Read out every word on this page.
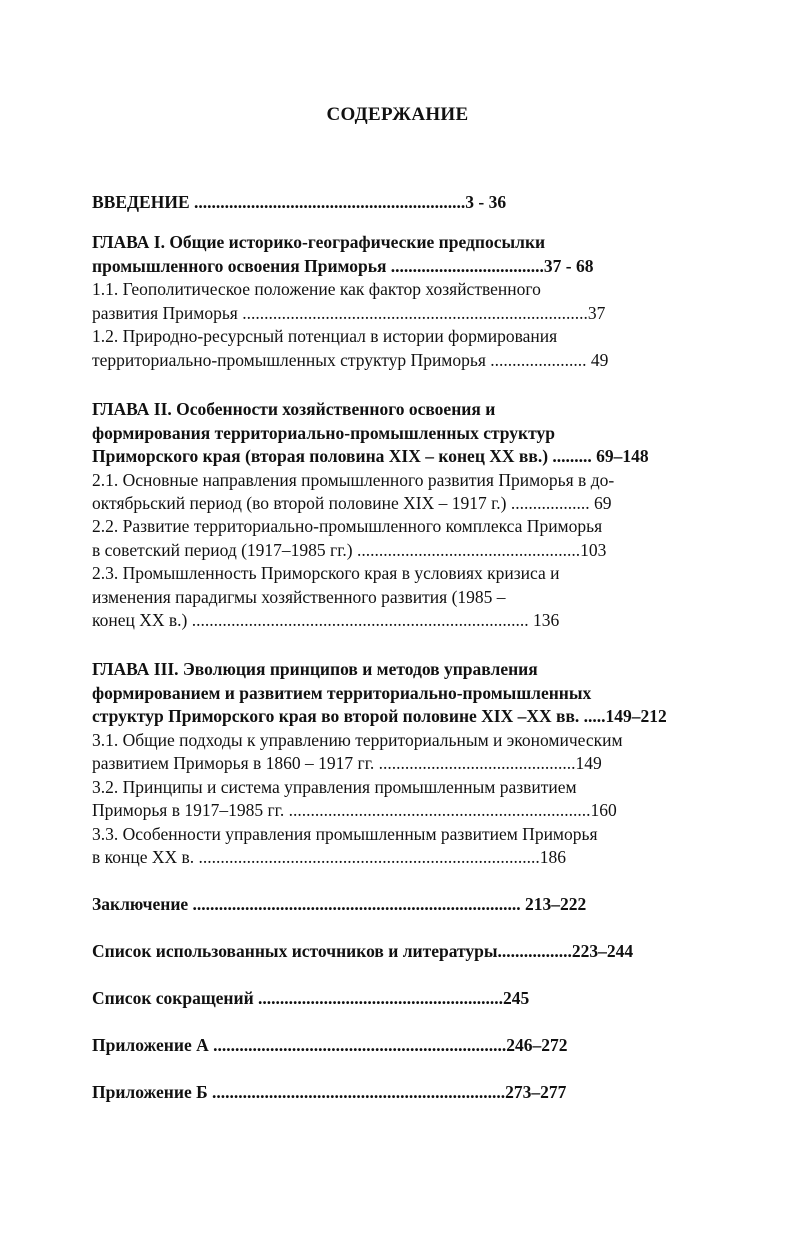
СОДЕРЖАНИЕ
ВВЕДЕНИЕ ..............................................................3 - 36
ГЛАВА I. Общие историко-географические предпосылки
промышленного освоения Приморья ...................................37 - 68
1.1. Геополитическое положение как фактор хозяйственного
развития Приморья ...............................................................................37
1.2. Природно-ресурсный потенциал в истории формирования
территориально-промышленных структур Приморья ...................... 49
ГЛАВА II. Особенности хозяйственного освоения и
формирования территориально-промышленных структур
Приморского края (вторая половина XIX – конец XX вв.) ......... 69–148
2.1. Основные направления промышленного развития Приморья в до-
октябрьский период (во второй половине XIX – 1917 г.) .................. 69
2.2. Развитие территориально-промышленного комплекса Приморья
в советский период (1917–1985 гг.) ...................................................103
2.3. Промышленность Приморского края в условиях кризиса и
изменения парадигмы хозяйственного развития (1985 –
конец XX в.) ............................................................................. 136
ГЛАВА III. Эволюция принципов и методов управления
формированием и развитием территориально-промышленных
структур Приморского края во второй половине XIX –XX вв. .....149–212
3.1. Общие подходы к управлению территориальным и экономическим
развитием Приморья в 1860 – 1917 гг. .............................................149
3.2. Принципы и система управления промышленным развитием
Приморья в 1917–1985 гг. .....................................................................160
3.3. Особенности управления промышленным развитием Приморья
в конце XX в. ..............................................................................186
Заключение ........................................................................... 213–222
Список использованных источников и литературы.................223–244
Список сокращений ........................................................245
Приложение А ...................................................................246–272
Приложение Б ...................................................................273–277
